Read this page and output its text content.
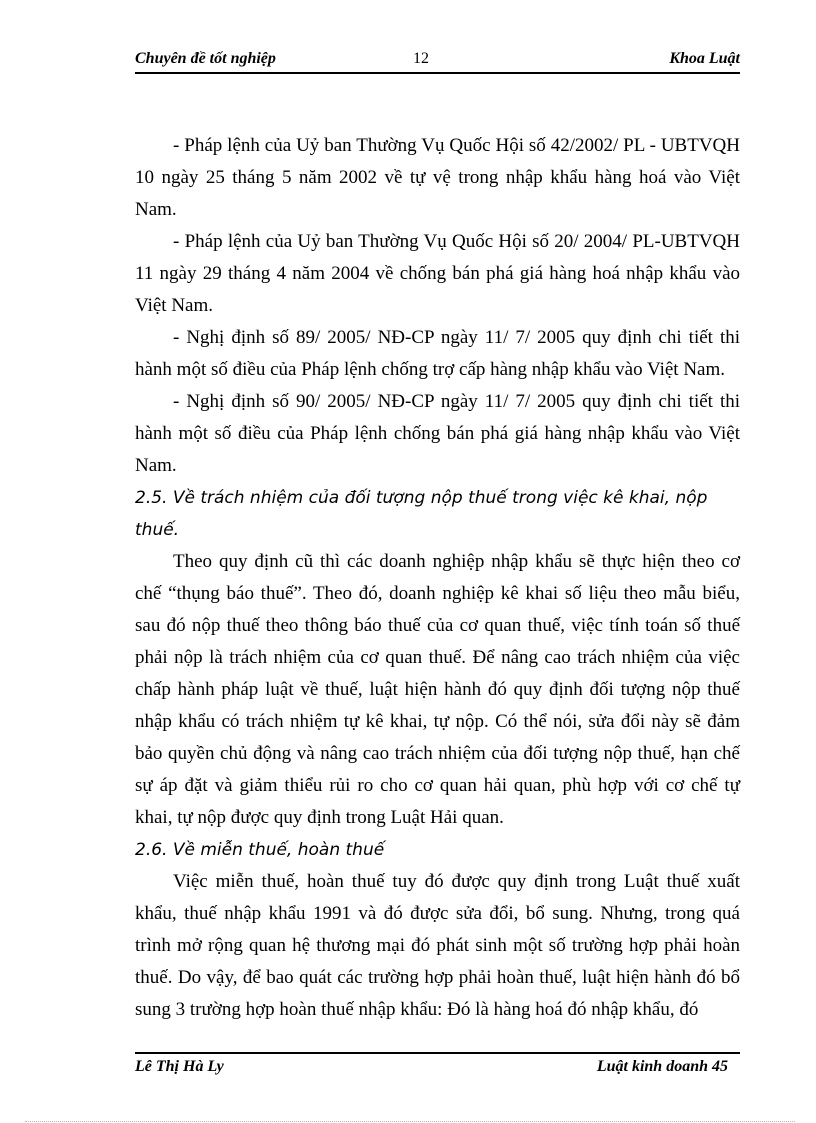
Chuyên đề tốt nghiệp	12	Khoa Luật

- Pháp lệnh của Uỷ ban Thường Vụ Quốc Hội số 42/2002/ PL - UBTVQH 10 ngày 25 tháng 5 năm 2002 về tự vệ trong nhập khẩu hàng hoá vào Việt Nam.

- Pháp lệnh của Uỷ ban Thường Vụ Quốc Hội số 20/ 2004/ PL-UBTVQH 11 ngày 29 tháng 4 năm 2004 về chống bán phá giá hàng hoá nhập khẩu vào Việt Nam.

- Nghị định số 89/ 2005/ NĐ-CP ngày 11/ 7/ 2005 quy định chi tiết thi hành một số điều của Pháp lệnh chống trợ cấp hàng nhập khẩu vào Việt Nam.

- Nghị định số 90/ 2005/ NĐ-CP ngày 11/ 7/ 2005 quy định chi tiết thi hành một số điều của Pháp lệnh chống bán phá giá hàng nhập khẩu vào Việt Nam.

2.5. Về trách nhiệm của đối tượng nộp thuế trong việc kê khai, nộp thuế.

Theo quy định cũ thì các doanh nghiệp nhập khẩu sẽ thực hiện theo cơ chế “thụng báo thuế”. Theo đó, doanh nghiệp kê khai số liệu theo mẫu biểu, sau đó nộp thuế theo thông báo thuế của cơ quan thuế, việc tính toán số thuế phải nộp là trách nhiệm của cơ quan thuế. Để nâng cao trách nhiệm của việc chấp hành pháp luật về thuế, luật hiện hành đó quy định đối tượng nộp thuế nhập khẩu có trách nhiệm tự kê khai, tự nộp. Có thể nói, sửa đổi này sẽ đảm bảo quyền chủ động và nâng cao trách nhiệm của đối tượng nộp thuế, hạn chế sự áp đặt và giảm thiểu rủi ro cho cơ quan hải quan, phù hợp với cơ chế tự khai, tự nộp được quy định trong Luật Hải quan.

2.6. Về miễn thuế, hoàn thuế

Việc miễn thuế, hoàn thuế tuy đó được quy định trong Luật thuế xuất khẩu, thuế nhập khẩu 1991 và đó được sửa đổi, bổ sung. Nhưng, trong quá trình mở rộng quan hệ thương mại đó phát sinh một số trường hợp phải hoàn thuế. Do vậy, để bao quát các trường hợp phải hoàn thuế, luật hiện hành đó bổ sung 3 trường hợp hoàn thuế nhập khẩu: Đó là hàng hoá đó nhập khẩu, đó

Lê Thị Hà Ly	Luật kinh doanh 45
